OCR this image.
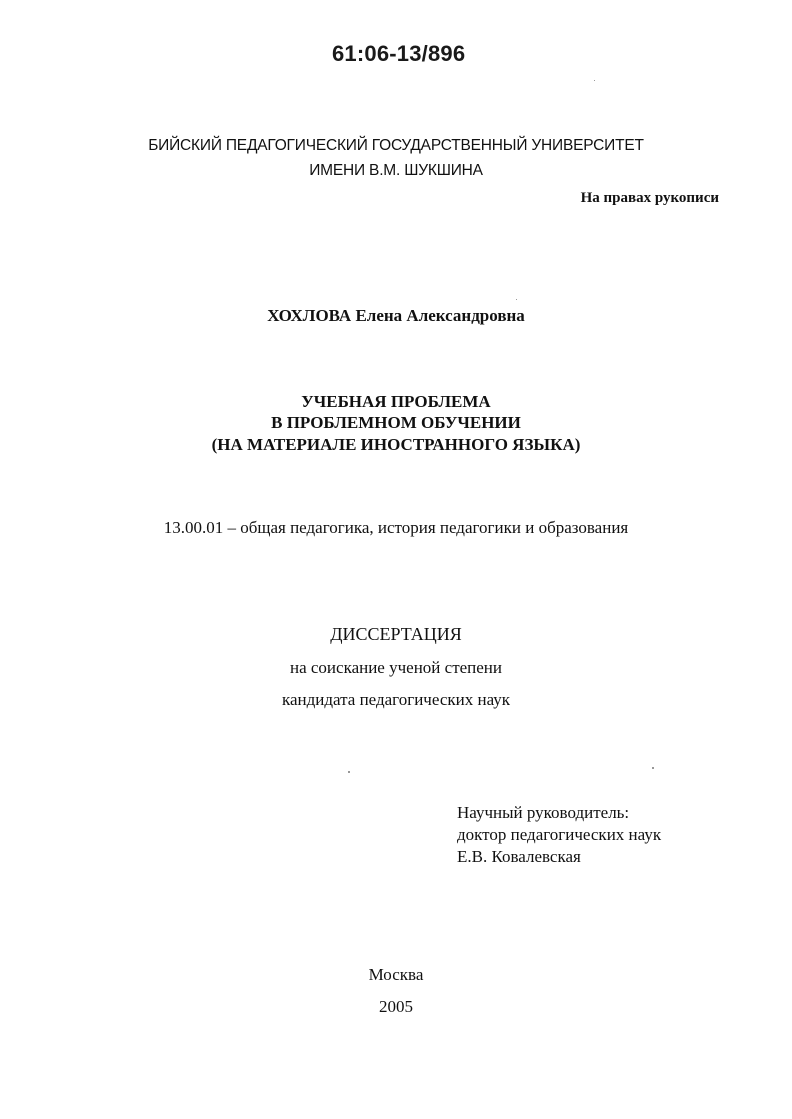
61:06-13/896
БИЙСКИЙ ПЕДАГОГИЧЕСКИЙ ГОСУДАРСТВЕННЫЙ УНИВЕРСИТЕТ
ИМЕНИ В.М. ШУКШИНА
На правах рукописи
ХОХЛОВА Елена Александровна
УЧЕБНАЯ ПРОБЛЕМА
В ПРОБЛЕМНОМ ОБУЧЕНИИ
(НА МАТЕРИАЛЕ ИНОСТРАННОГО ЯЗЫКА)
13.00.01 – общая педагогика, история педагогики и образования
ДИССЕРТАЦИЯ
на соискание ученой степени
кандидата педагогических наук
Научный руководитель:
доктор педагогических наук
Е.В. Ковалевская
Москва
2005
